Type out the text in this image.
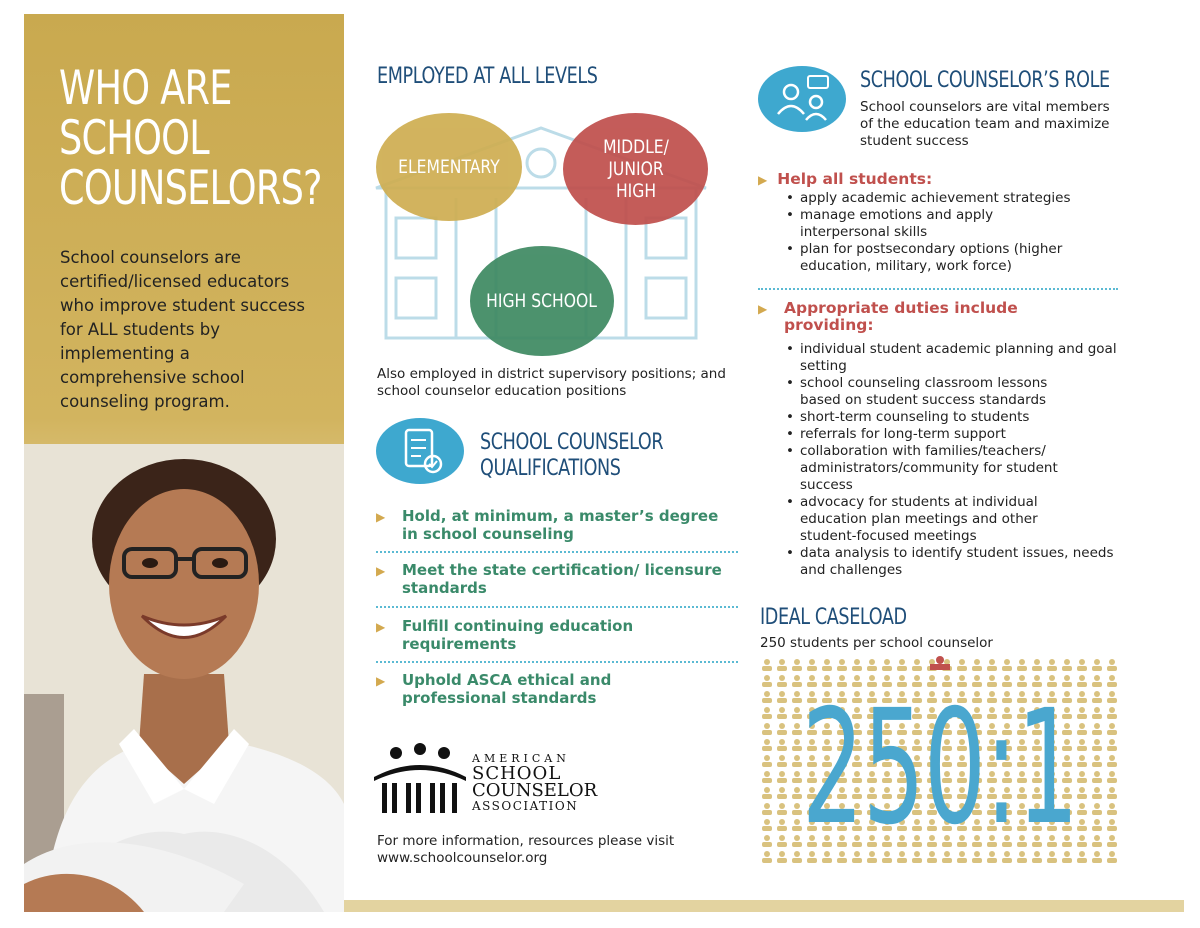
WHO ARE SCHOOL COUNSELORS?
School counselors are certified/licensed educators who improve student success for ALL students by implementing a comprehensive school counseling program.
EMPLOYED AT ALL LEVELS
ELEMENTARY
MIDDLE/ JUNIOR HIGH
HIGH SCHOOL
Also employed in district supervisory positions; and school counselor education positions
SCHOOL COUNSELOR QUALIFICATIONS
▶ Hold, at minimum, a master’s degree in school counseling
▶ Meet the state certification/ licensure standards
▶ Fulfill continuing education requirements
▶ Uphold ASCA ethical and professional standards
AMERICAN
SCHOOL
COUNSELOR
ASSOCIATION
For more information, resources please visit www.schoolcounselor.org
SCHOOL COUNSELOR’S ROLE
School counselors are vital members of the education team and maximize student success
▶ Help all students:
• apply academic achievement strategies
• manage emotions and apply interpersonal skills
• plan for postsecondary options (higher education, military, work force)
▶ Appropriate duties include providing:
• individual student academic planning and goal setting
• school counseling classroom lessons based on student success standards
• short-term counseling to students
• referrals for long-term support
• collaboration with families/teachers/ administrators/community for student success
• advocacy for students at individual education plan meetings and other student-focused meetings
• data analysis to identify student issues, needs and challenges
IDEAL CASELOAD
250 students per school counselor
250:1
